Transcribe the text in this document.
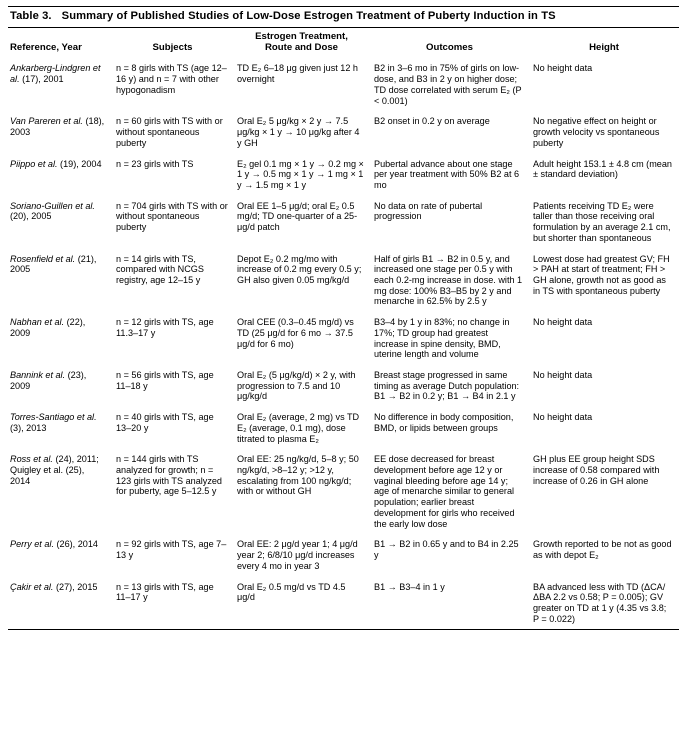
Table 3. Summary of Published Studies of Low-Dose Estrogen Treatment of Puberty Induction in TS
Reference, Year	Subjects	Estrogen Treatment,
Route and Dose	Outcomes	Height
Ankarberg-Lindgren et al. (17), 2001	n = 8 girls with TS (age 12–16 y) and n = 7 with other hypogonadism	TD E₂ 6–18 μg given just 12 h overnight	B2 in 3–6 mo in 75% of girls on low-dose, and B3 in 2 y on higher dose; TD dose correlated with serum E₂ (P < 0.001)	No height data
Van Pareren et al. (18), 2003	n = 60 girls with TS with or without spontaneous puberty	Oral E₂ 5 μg/kg × 2 y → 7.5 μg/kg × 1 y → 10 μg/kg after 4 y GH	B2 onset in 0.2 y on average	No negative effect on height or growth velocity vs spontaneous puberty
Piippo et al. (19), 2004	n = 23 girls with TS	E₂ gel 0.1 mg × 1 y → 0.2 mg × 1 y → 0.5 mg × 1 y → 1 mg × 1 y → 1.5 mg × 1 y	Pubertal advance about one stage per year treatment with 50% B2 at 6 mo	Adult height 153.1 ± 4.8 cm (mean ± standard deviation)
Soriano-Guillen et al. (20), 2005	n = 704 girls with TS with or without spontaneous puberty	Oral EE 1–5 μg/d; oral E₂ 0.5 mg/d; TD one-quarter of a 25-μg/d patch	No data on rate of pubertal progression	Patients receiving TD E₂ were taller than those receiving oral formulation by an average 2.1 cm, but shorter than spontaneous
Rosenfield et al. (21), 2005	n = 14 girls with TS, compared with NCGS registry, age 12–15 y	Depot E₂ 0.2 mg/mo with increase of 0.2 mg every 0.5 y; GH also given 0.05 mg/kg/d	Half of girls B1 → B2 in 0.5 y, and increased one stage per 0.5 y with each 0.2-mg increase in dose. with 1 mg dose: 100% B3–B5 by 2 y and menarche in 62.5% by 2.5 y	Lowest dose had greatest GV; FH > PAH at start of treatment; FH > GH alone, growth not as good as in TS with spontaneous puberty
Nabhan et al. (22), 2009	n = 12 girls with TS, age 11.3–17 y	Oral CEE (0.3–0.45 mg/d) vs TD (25 μg/d for 6 mo → 37.5 μg/d for 6 mo)	B3–4 by 1 y in 83%; no change in 17%; TD group had greatest increase in spine density, BMD, uterine length and volume	No height data
Bannink et al. (23), 2009	n = 56 girls with TS, age 11–18 y	Oral E₂ (5 μg/kg/d) × 2 y, with progression to 7.5 and 10 μg/kg/d	Breast stage progressed in same timing as average Dutch population: B1 → B2 in 0.2 y; B1 → B4 in 2.1 y	No height data
Torres-Santiago et al. (3), 2013	n = 40 girls with TS, age 13–20 y	Oral E₂ (average, 2 mg) vs TD E₂ (average, 0.1 mg), dose titrated to plasma E₂	No difference in body composition, BMD, or lipids between groups	No height data
Ross et al. (24), 2011; Quigley et al. (25), 2014	n = 144 girls with TS analyzed for growth; n = 123 girls with TS analyzed for puberty, age 5–12.5 y	Oral EE: 25 ng/kg/d, 5–8 y; 50 ng/kg/d, >8–12 y; >12 y, escalating from 100 ng/kg/d; with or without GH	EE dose decreased for breast development before age 12 y or vaginal bleeding before age 14 y; age of menarche similar to general population; earlier breast development for girls who received the early low dose	GH plus EE group height SDS increase of 0.58 compared with increase of 0.26 in GH alone
Perry et al. (26), 2014	n = 92 girls with TS, age 7–13 y	Oral EE: 2 μg/d year 1; 4 μg/d year 2; 6/8/10 μg/d increases every 4 mo in year 3	B1 → B2 in 0.65 y and to B4 in 2.25 y	Growth reported to be not as good as with depot E₂
Çakir et al. (27), 2015	n = 13 girls with TS, age 11–17 y	Oral E₂ 0.5 mg/d vs TD 4.5 μg/d	B1 → B3–4 in 1 y	BA advanced less with TD (ΔCA/ΔBA 2.2 vs 0.58; P = 0.005); GV greater on TD at 1 y (4.35 vs 3.8; P = 0.022)
